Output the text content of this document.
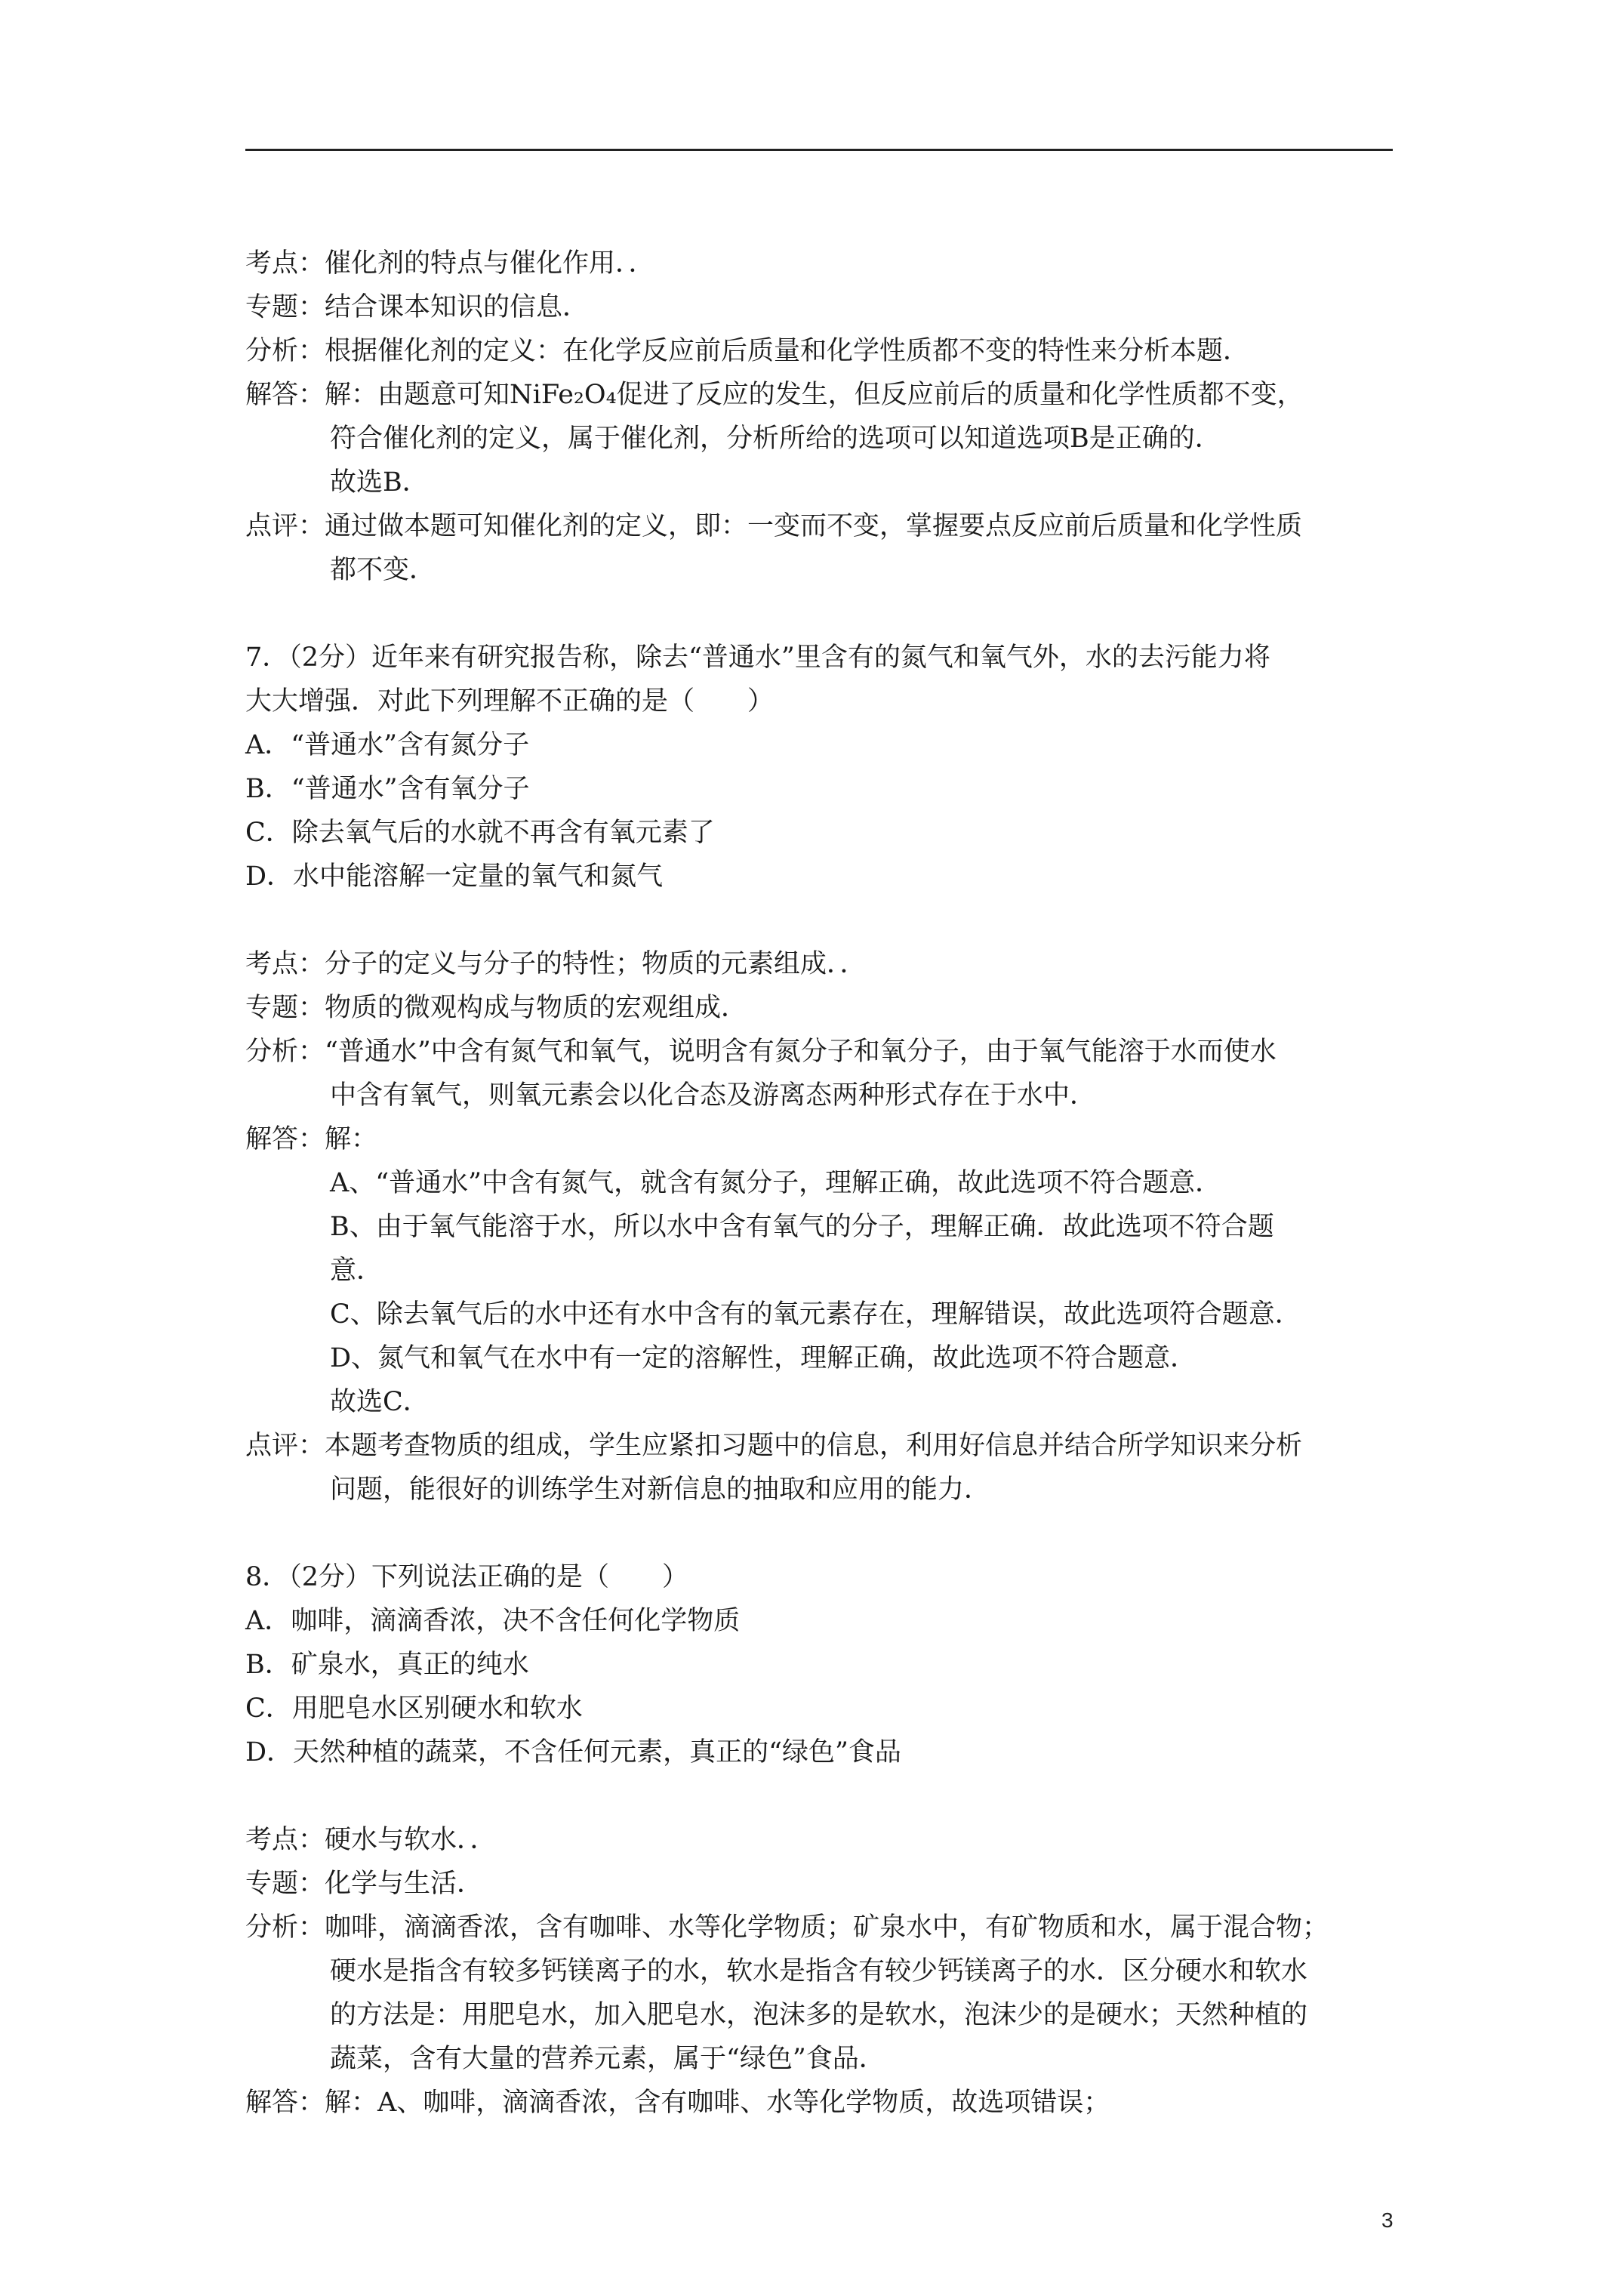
考点：催化剂的特点与催化作用．．
专题：结合课本知识的信息．
分析：根据催化剂的定义：在化学反应前后质量和化学性质都不变的特性来分析本题．
解答：解：由题意可知NiFe₂O₄促进了反应的发生，但反应前后的质量和化学性质都不变，
符合催化剂的定义，属于催化剂，分析所给的选项可以知道选项B是正确的．
故选B．
点评：通过做本题可知催化剂的定义，即：一变而不变，掌握要点反应前后质量和化学性质
都不变．
7．（2分）近年来有研究报告称，除去“普通水”里含有的氮气和氧气外，水的去污能力将
大大增强．对此下列理解不正确的是（　　）
A．“普通水”含有氮分子
B．“普通水”含有氧分子
C．除去氧气后的水就不再含有氧元素了
D．水中能溶解一定量的氧气和氮气
考点：分子的定义与分子的特性；物质的元素组成．．
专题：物质的微观构成与物质的宏观组成．
分析：“普通水”中含有氮气和氧气，说明含有氮分子和氧分子，由于氧气能溶于水而使水
中含有氧气，则氧元素会以化合态及游离态两种形式存在于水中．
解答：解：
A、“普通水”中含有氮气，就含有氮分子，理解正确，故此选项不符合题意．
B、由于氧气能溶于水，所以水中含有氧气的分子，理解正确．故此选项不符合题
意．
C、除去氧气后的水中还有水中含有的氧元素存在，理解错误，故此选项符合题意．
D、氮气和氧气在水中有一定的溶解性，理解正确，故此选项不符合题意．
故选C．
点评：本题考查物质的组成，学生应紧扣习题中的信息，利用好信息并结合所学知识来分析
问题，能很好的训练学生对新信息的抽取和应用的能力．
8．（2分）下列说法正确的是（　　）
A．咖啡，滴滴香浓，决不含任何化学物质
B．矿泉水，真正的纯水
C．用肥皂水区别硬水和软水
D．天然种植的蔬菜，不含任何元素，真正的“绿色”食品
考点：硬水与软水．．
专题：化学与生活．
分析：咖啡，滴滴香浓，含有咖啡、水等化学物质；矿泉水中，有矿物质和水，属于混合物；
硬水是指含有较多钙镁离子的水，软水是指含有较少钙镁离子的水．区分硬水和软水
的方法是：用肥皂水，加入肥皂水，泡沫多的是软水，泡沫少的是硬水；天然种植的
蔬菜，含有大量的营养元素，属于“绿色”食品．
解答：解：A、咖啡，滴滴香浓，含有咖啡、水等化学物质，故选项错误；
3
